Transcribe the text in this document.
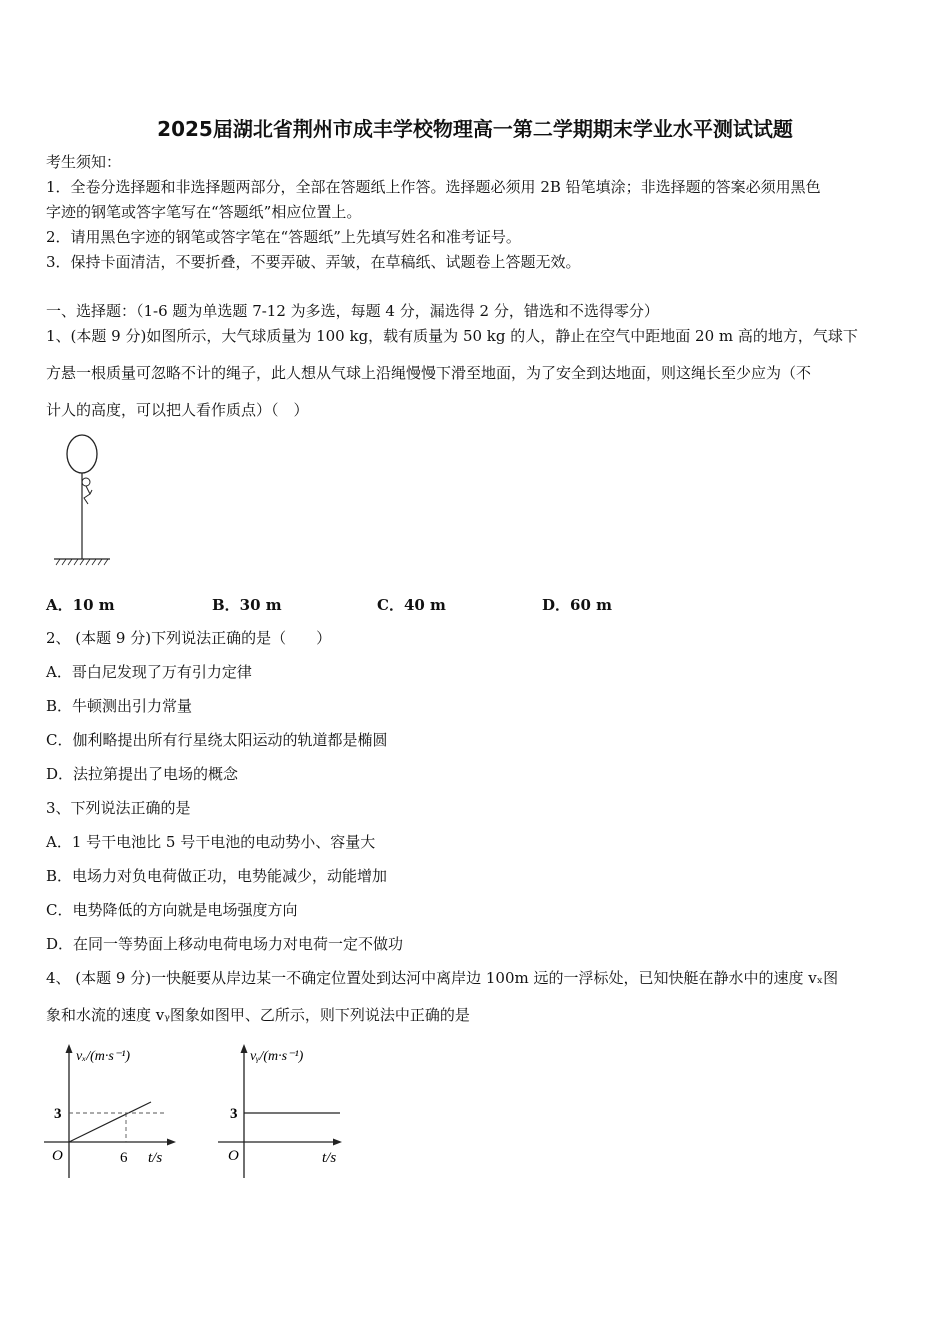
2025届湖北省荆州市成丰学校物理高一第二学期期末学业水平测试试题
考生须知：
1．全卷分选择题和非选择题两部分，全部在答题纸上作答。选择题必须用 2B 铅笔填涂；非选择题的答案必须用黑色
字迹的钢笔或答字笔写在“答题纸”相应位置上。
2．请用黑色字迹的钢笔或答字笔在“答题纸”上先填写姓名和准考证号。
3．保持卡面清洁，不要折叠，不要弄破、弄皱，在草稿纸、试题卷上答题无效。
一、选择题：（1-6 题为单选题 7-12 为多选，每题 4 分，漏选得 2 分，错选和不选得零分）
1、(本题 9 分)如图所示，大气球质量为 100 kg，载有质量为 50 kg 的人，静止在空气中距地面 20 m 高的地方，气球下
方悬一根质量可忽略不计的绳子，此人想从气球上沿绳慢慢下滑至地面，为了安全到达地面，则这绳长至少应为（不
计人的高度，可以把人看作质点）（　）
A．10 m	B．30 m	C．40 m	D．60 m
2、 (本题 9 分)下列说法正确的是（　　）
A．哥白尼发现了万有引力定律
B．牛顿测出引力常量
C．伽利略提出所有行星绕太阳运动的轨道都是椭圆
D．法拉第提出了电场的概念
3、下列说法正确的是
A．1 号干电池比 5 号干电池的电动势小、容量大
B．电场力对负电荷做正功，电势能减少，动能增加
C．电势降低的方向就是电场强度方向
D．在同一等势面上移动电荷电场力对电荷一定不做功
4、 (本题 9 分)一快艇要从岸边某一不确定位置处到达河中离岸边 100m 远的一浮标处，已知快艇在静水中的速度 vₓ图
象和水流的速度 vᵧ图象如图甲、乙所示，则下列说法中正确的是
vₓ/(m·s⁻¹)
3
6
O	t/s
vᵧ/(m·s⁻¹)
3
O	t/s
